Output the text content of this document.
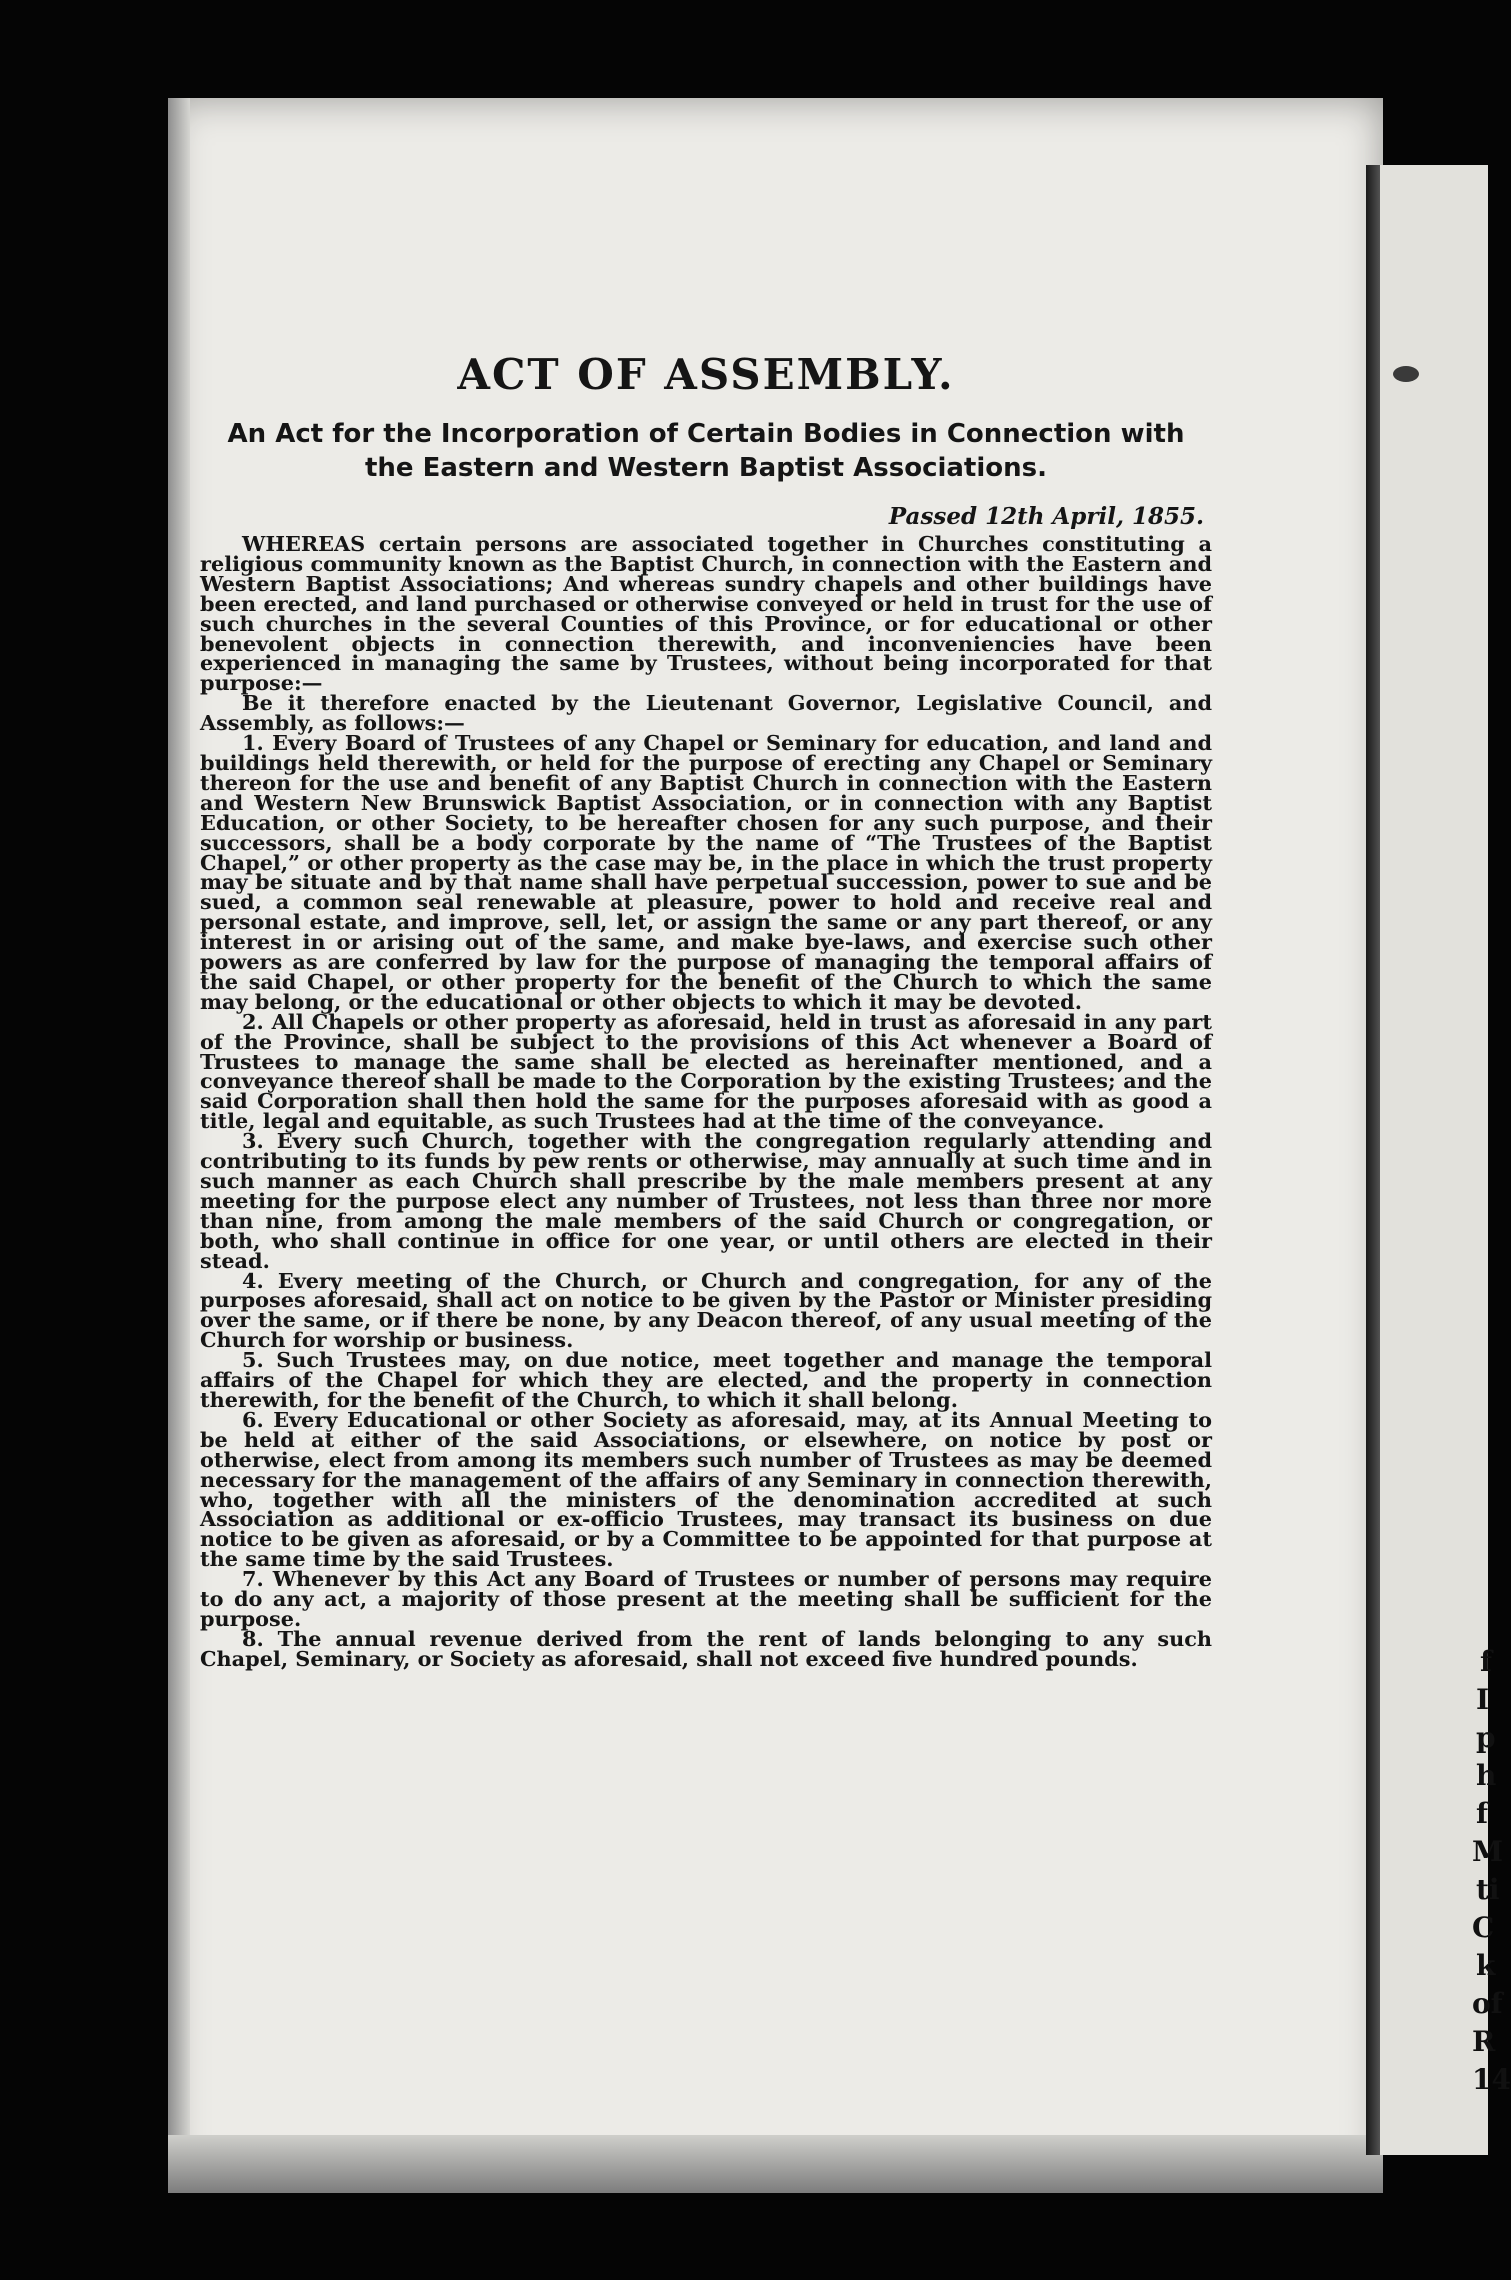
f
I
p
h
f
M
ti
C
k
of
R
14
ACT OF ASSEMBLY.
An Act for the Incorporation of Certain Bodies in Connection with
the Eastern and Western Baptist Associations.
Passed 12th April, 1855.

WHEREAS certain persons are associated together in Churches constituting a religious community known as the Baptist Church, in connection with the Eastern and Western Baptist Associations; And whereas sundry chapels and other buildings have been erected, and land purchased or otherwise conveyed or held in trust for the use of such churches in the several Counties of this Province, or for educational or other benevolent objects in connection therewith, and inconveniencies have been experienced in managing the same by Trustees, without being incorporated for that purpose:—

Be it therefore enacted by the Lieutenant Governor, Legislative Council, and Assembly, as follows:—

1. Every Board of Trustees of any Chapel or Seminary for education, and land and buildings held therewith, or held for the purpose of erecting any Chapel or Seminary thereon for the use and benefit of any Baptist Church in connection with the Eastern and Western New Brunswick Baptist Association, or in connection with any Baptist Education, or other Society, to be hereafter chosen for any such purpose, and their successors, shall be a body corporate by the name of “The Trustees of the Baptist Chapel,” or other property as the case may be, in the place in which the trust property may be situate and by that name shall have perpetual succession, power to sue and be sued, a common seal renewable at pleasure, power to hold and receive real and personal estate, and improve, sell, let, or assign the same or any part thereof, or any interest in or arising out of the same, and make bye-laws, and exercise such other powers as are conferred by law for the purpose of managing the temporal affairs of the said Chapel, or other property for the benefit of the Church to which the same may belong, or the educational or other objects to which it may be devoted.

2. All Chapels or other property as aforesaid, held in trust as aforesaid in any part of the Province, shall be subject to the provisions of this Act whenever a Board of Trustees to manage the same shall be elected as hereinafter mentioned, and a conveyance thereof shall be made to the Corporation by the existing Trustees; and the said Corporation shall then hold the same for the purposes aforesaid with as good a title, legal and equitable, as such Trustees had at the time of the conveyance.

3. Every such Church, together with the congregation regularly attending and contributing to its funds by pew rents or otherwise, may annually at such time and in such manner as each Church shall prescribe by the male members present at any meeting for the purpose elect any number of Trustees, not less than three nor more than nine, from among the male members of the said Church or congregation, or both, who shall continue in office for one year, or until others are elected in their stead.

4. Every meeting of the Church, or Church and congregation, for any of the purposes aforesaid, shall act on notice to be given by the Pastor or Minister presiding over the same, or if there be none, by any Deacon thereof, of any usual meeting of the Church for worship or business.

5. Such Trustees may, on due notice, meet together and manage the temporal affairs of the Chapel for which they are elected, and the property in connection therewith, for the benefit of the Church, to which it shall belong.

6. Every Educational or other Society as aforesaid, may, at its Annual Meeting to be held at either of the said Associations, or elsewhere, on notice by post or otherwise, elect from among its members such number of Trustees as may be deemed necessary for the management of the affairs of any Seminary in connection therewith, who, together with all the ministers of the denomination accredited at such Association as additional or ex-officio Trustees, may transact its business on due notice to be given as aforesaid, or by a Committee to be appointed for that purpose at the same time by the said Trustees.

7. Whenever by this Act any Board of Trustees or number of persons may require to do any act, a majority of those present at the meeting shall be sufficient for the purpose.

8. The annual revenue derived from the rent of lands belonging to any such Chapel, Seminary, or Society as aforesaid, shall not exceed five hundred pounds.
